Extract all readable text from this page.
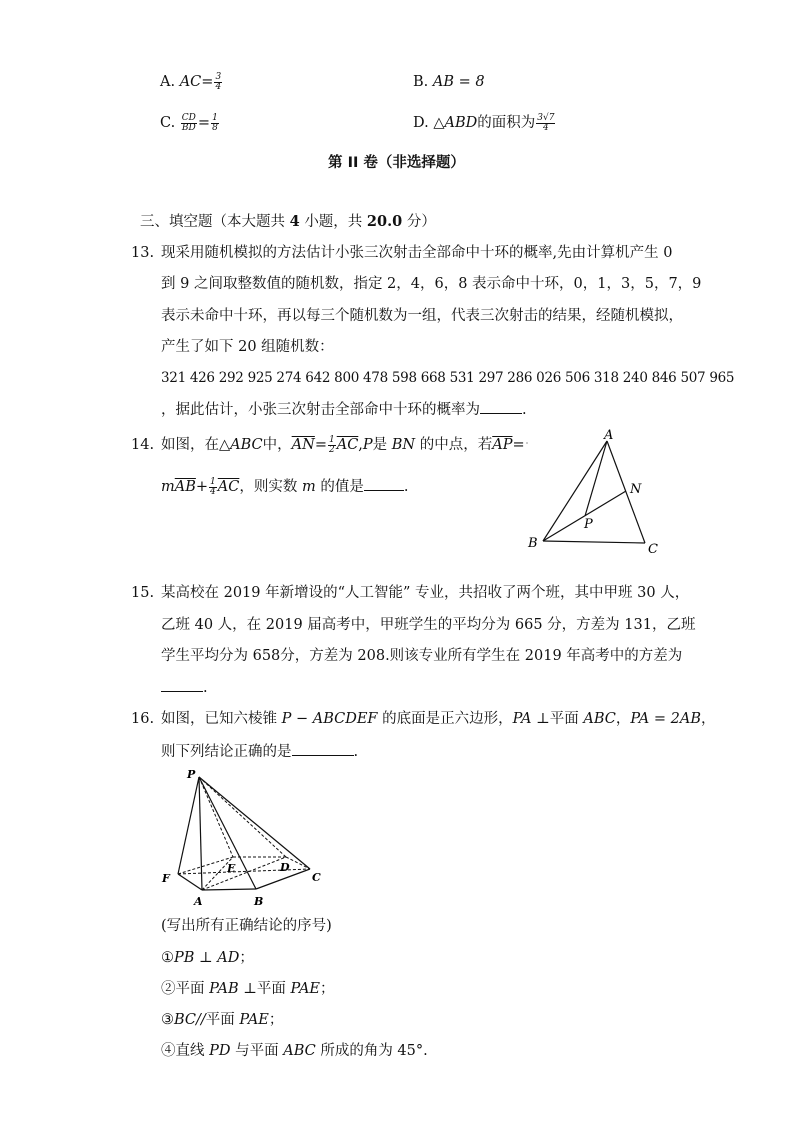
A. $AC= \frac{3}{4}$	B. AB = 8
C. $\frac{CD}{BD} = \frac{1}{8}$	D. △ABD的面积为 $\frac{3√7}{4}$
第 II 卷（非选择题）
三、填空题（本大题共 4 小题，共 20.0 分）
13. 现采用随机模拟的方法估计小张三次射击全部命中十环的概率,先由计算机产生 0
到 9 之间取整数值的随机数，指定 2，4，6，8 表示命中十环，0，1，3，5，7，9
表示未命中十环，再以每三个随机数为一组，代表三次射击的结果，经随机模拟，
产生了如下 20 组随机数：
321 426 292 925 274 642 800 478 598 668 531 297 286 026 506 318 240 846 507 965
，据此估计，小张三次射击全部命中十环的概率为	.
14. 如图，在△ABC中，$\overline{AN}= \frac{1}{2} \overline{AC},P$是 BN 的中点，若$\overline{AP}=$
$m\overline{AB}+ \frac{1}{4} \overline{AC}$，则实数 m 的值是	.
A
B	C
N
P
15. 某高校在 2019 年新增设的“人工智能” 专业，共招收了两个班，其中甲班 30 人，
乙班 40 人，在 2019 届高考中，甲班学生的平均分为 665 分，方差为 131，乙班
学生平均分为 658分，方差为 208.则该专业所有学生在 2019 年高考中的方差为
.
16. 如图，已知六棱锥 P − ABCDEF 的底面是正六边形，PA ⊥平面 ABC，PA = 2AB，
则下列结论正确的是	.
P
F
A	B
C
D
E
(写出所有正确结论的序号)
①PB ⊥ AD；
②平面 PAB ⊥平面 PAE；
③BC//平面 PAE；
④直线 PD 与平面 ABC 所成的角为 45°.
